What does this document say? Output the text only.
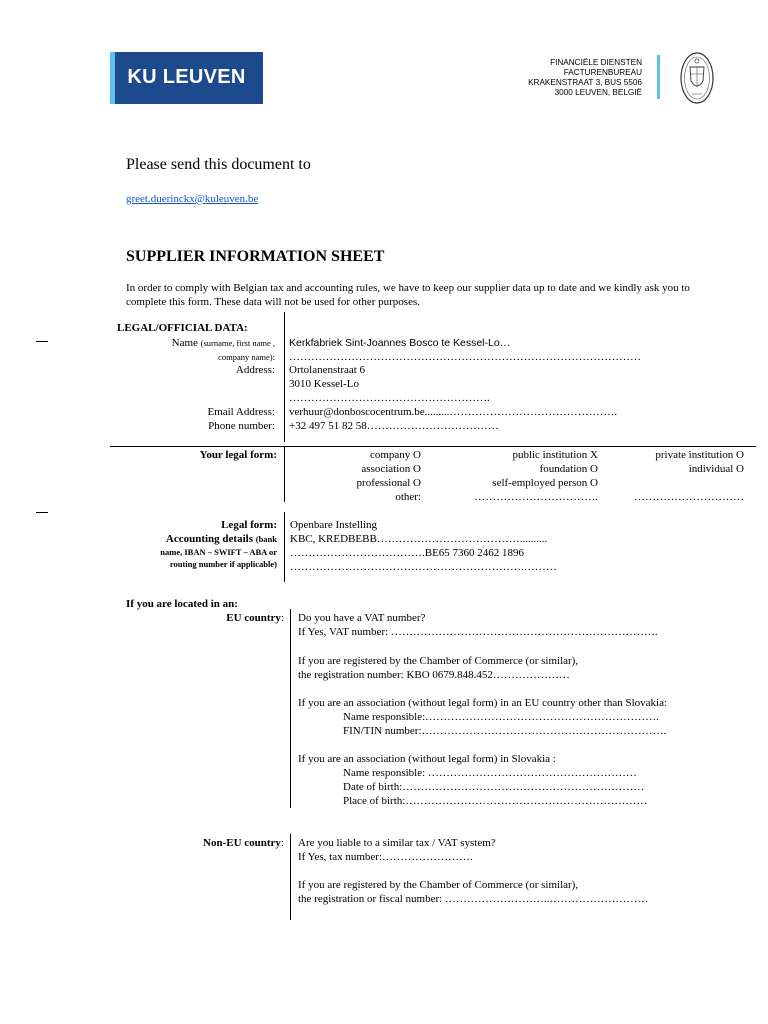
KU LEUVEN
FINANCIËLE DIENSTEN
FACTURENBUREAU
KRAKENSTRAAT 3, BUS 5506
3000 LEUVEN, BELGIË
Please send this document to
greet.duerinckx@kuleuven.be
SUPPLIER INFORMATION SHEET
In order to comply with Belgian tax and accounting rules, we have to keep our supplier data up to date and we kindly ask you to complete this form. These data will not be used for other purposes.
LEGAL/OFFICIAL DATA:
Name (surname, first name ,
company name):
Kerkfabriek Sint-Joannes Bosco te Kessel-Lo…
……………………………………………………………………………………
Address: Ortolanenstraat 6
3010 Kessel-Lo
……………………………………………….
Email Address: verhuur@donboscocentrum.be.........……………………………………….
Phone number: +32 497 51 82 58………………………………
Your legal form:	company O
association O
professional O
other:
public institution X
foundation O
self-employed person O
…………………………….
private institution O
individual O
…………………………
Legal form: Openbare Instelling
Accounting details (bank
name, IBAN – SWIFT – ABA or
routing number if applicable)
KBC, KREDBEBB…………………………………..........
……………………………….BE65 7360 2462 1896
……………………………………………………….………
If you are located in an:
EU country: Do you have a VAT number?
If Yes, VAT number: ……………………………………………………………….
If you are registered by the Chamber of Commerce (or similar),
the registration number: KBO 0679.848.452…………………
If you are an association (without legal form) in an EU country other than Slovakia:
Name responsible:……………………………………………………….
FIN/TIN number:………………………………………………………….
If you are an association (without legal form) in Slovakia :
Name responsible: …………………………………………………
Date of birth:…………………………………………………………
Place of birth:…………………………………………………………
Non-EU country: Are you liable to a similar tax / VAT system?
If Yes, tax number:…………………….
If you are registered by the Chamber of Commerce (or similar),
the registration or fiscal number: ………………………..………………………
